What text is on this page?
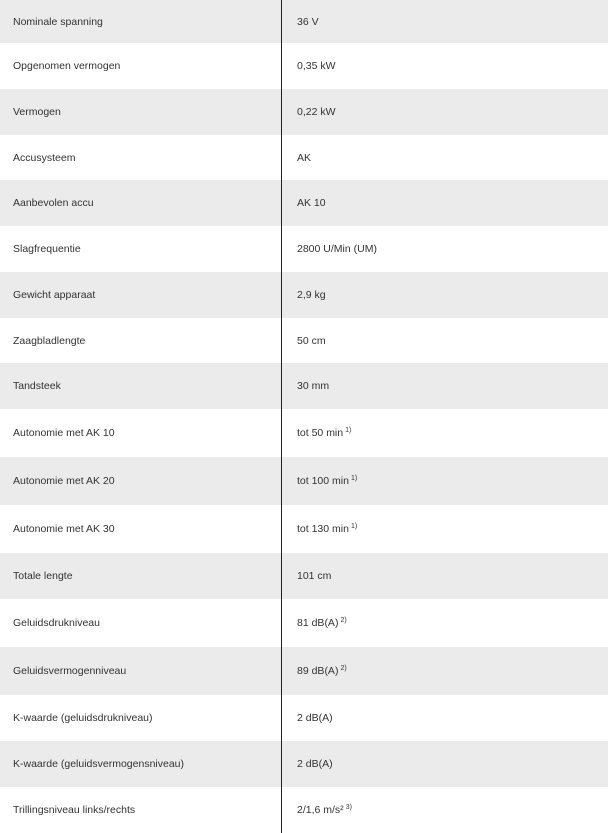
Nominale spanning	36 V
Opgenomen vermogen	0,35 kW
Vermogen	0,22 kW
Accusysteem	AK
Aanbevolen accu	AK 10
Slagfrequentie	2800 U/Min (UM)
Gewicht apparaat	2,9 kg
Zaagbladlengte	50 cm
Tandsteek	30 mm
Autonomie met AK 10	tot 50 min $^{1)}$
Autonomie met AK 20	tot 100 min $^{1)}$
Autonomie met AK 30	tot 130 min $^{1)}$
Totale lengte	101 cm
Geluidsdrukniveau	81 dB(A) $^{2)}$
Geluidsvermogenniveau	89 dB(A) $^{2)}$
K-waarde (geluidsdrukniveau)	2 dB(A)
K-waarde (geluidsvermogensniveau)	2 dB(A)
Trillingsniveau links/rechts	2/1,6 m/s² $^{3)}$
